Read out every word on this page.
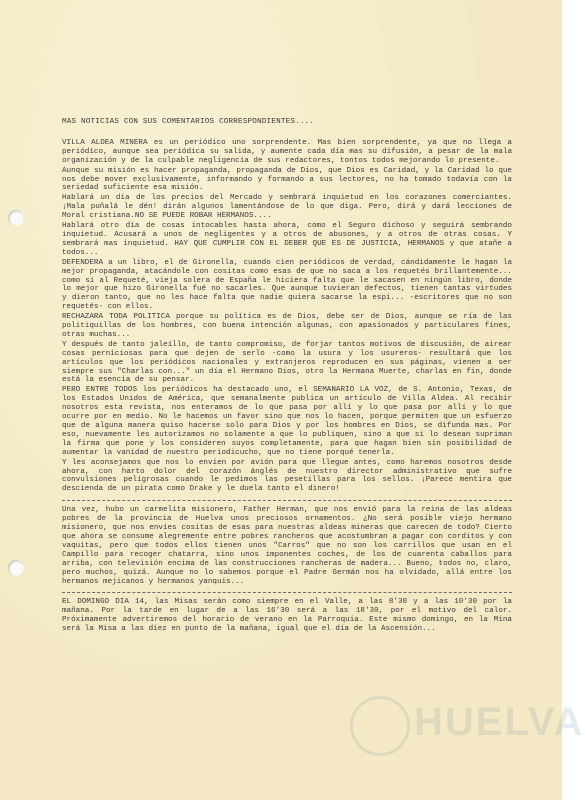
MAS NOTICIAS CON SUS COMENTARIOS CORRESPONDIENTES....

VILLA ALDEA MINERA es un periódico uno sorprendente. Mas bien sorprendente, ya que no llega a periódico, aunque sea periódica su salida, y aumente cada día mas su difusión, a pesar de la mala organización y de la culpable negligencia de sus redactores, tontos todos mejorando lo presente.

Aunque su misión es hacer propaganda, propaganda de Dios, que Dios es Caridad, y la Caridad lo que nos debe mover exclusivamente, informando y formando a sus lectores, no ha tomado todavía con la seriedad suficiente esa misión.

Hablará un día de los precios del Mercado y sembrará inquietud en los corazones comerciantes. ¡Mala puñalá le dén! dirán algunos lamentándose de lo que diga. Pero, dirá y dará lecciones de Moral cristiana.NO SE PUEDE ROBAR HERMANOS....

Hablará otro día de cosas intocables hasta ahora, como el Seguro dichoso y seguirá sembrando inquietud. Acusará a unos de negligentes y a otros de abusones, y a otros de otras cosas. Y sembrará mas inquietud. HAY QUE CUMPLIR CON EL DEBER QUE ES DE JUSTICIA, HERMANOS y que atañe a todos...

DEFENDERA a un libro, el de Gironella, cuando cien periódicos de verdad, cándidamente le hagan la mejor propaganda, atacándole con cositas como esas de que no saca a los requetés brillantemente... como si al Requeté, vieja solera de España le hiciera falta que le sacasen en ningún libro, donde lo mejor que hizo Gironella fué no sacarles. Que aunque tuvieran defectos, tienen tantas virtudes y dieron tanto, que no les hace falta que nadie quiera sacarse la espi... -escritores que no son requetés- con ellos.

RECHAZARA TODA POLITICA porque su política es de Dios, debe ser de Dios, aunque se ría de las politiquillas de los hombres, con buena intención algunas, con apasionados y particulares fines, otras muchas...

Y después de tanto jaleíllo, de tanto compromiso, de forjar tantos motivos de discusión, de airear cosas perniciosas para que dejen de serlo -como la usura y los usureros- resultará que los artículos que los periódicos nacionales y extranjeros reproducen en sus páginas, vienen a ser siempre sus "Charlas con..." un día el Hermano Dios, otro la Hermana Muerte, charlas en fin, donde está la esencia de su pensar.

PERO ENTRE TODOS los periódicos ha destacado uno, el SEMANARIO LA VOZ, de S. Antonio, Texas, de los Estados Unidos de América, que semanalmente publica un artículo de Villa Aldea. Al recibir nosotros esta revista, nos enteramos de lo que pasa por allí y lo que pasa por allí y lo que ocurre por en medio. No le hacemos un favor sino que nos lo hacen, porque permiten que un esfuerzo que de alguna manera quiso hacerse solo para Dios y por los hombres en Dios, se difunda mas. Por eso, nuevamente les autorizamos no solamente a que lo publiquen, sino a que si lo desean supriman la firma que pone y los consideren suyos completamente, para que hagan bien sin posibilidad de aumentar la vanidad de nuestro periodicucho, que no tiene porqué tenerla.

Y les aconsejamos que nos lo envíen por avión para que llegue antes, como haremos nosotros desde ahora, con harto dolor del corazón ánglés de nuestro director administrativo que sufre convulsiones peligrosas cuando le pedimos las pesetillas para los sellos. ¡Parece mentira que descienda de un pirata como Drake y le duela tanto el dinero!

Una vez, hubo un carmelita misionero, Father Herman, que nos envió para la reina de las aldeas pobres de la provincia de Huelva unos preciosos ornamentos. ¿No será posible viejo hermano misionero, que nos envíes cositas de esas para nuestras aldeas mineras que carecen de todo? Cierto que ahora se consume alegremente entre pobres rancheros que acostumbran a pagar con corditos y con vaquitas, pero que todos ellos tienen unos "Carros" que no son los carrillos que usan en el Campillo para recoger chatarra, sino unos imponentes coches, de los de cuarenta caballos para arriba, con televisión encima de las construcciones rancheras de madera... Bueno, todos no, claro, pero muchos, quizá. Aunque no lo sabemos porque el Padre Germán nos ha olvidado, allá entre los hermanos mejicanos y hermanos yanquis...

EL DOMINGO DIA 14, las Misas serán como siempre en el Valle, a las 8'30 y a las 10'30 por la mañana. Por la tarde en lugar de a las 16'30 será a las 18'30, por el motivo del calor. Próximamente advertiremos del horario de verano en la Parroquia. Este mismo domingo, en la Mina será la Misa a las diez en punto de la mañana, igual que el día de la Ascensión...

HUELVA
